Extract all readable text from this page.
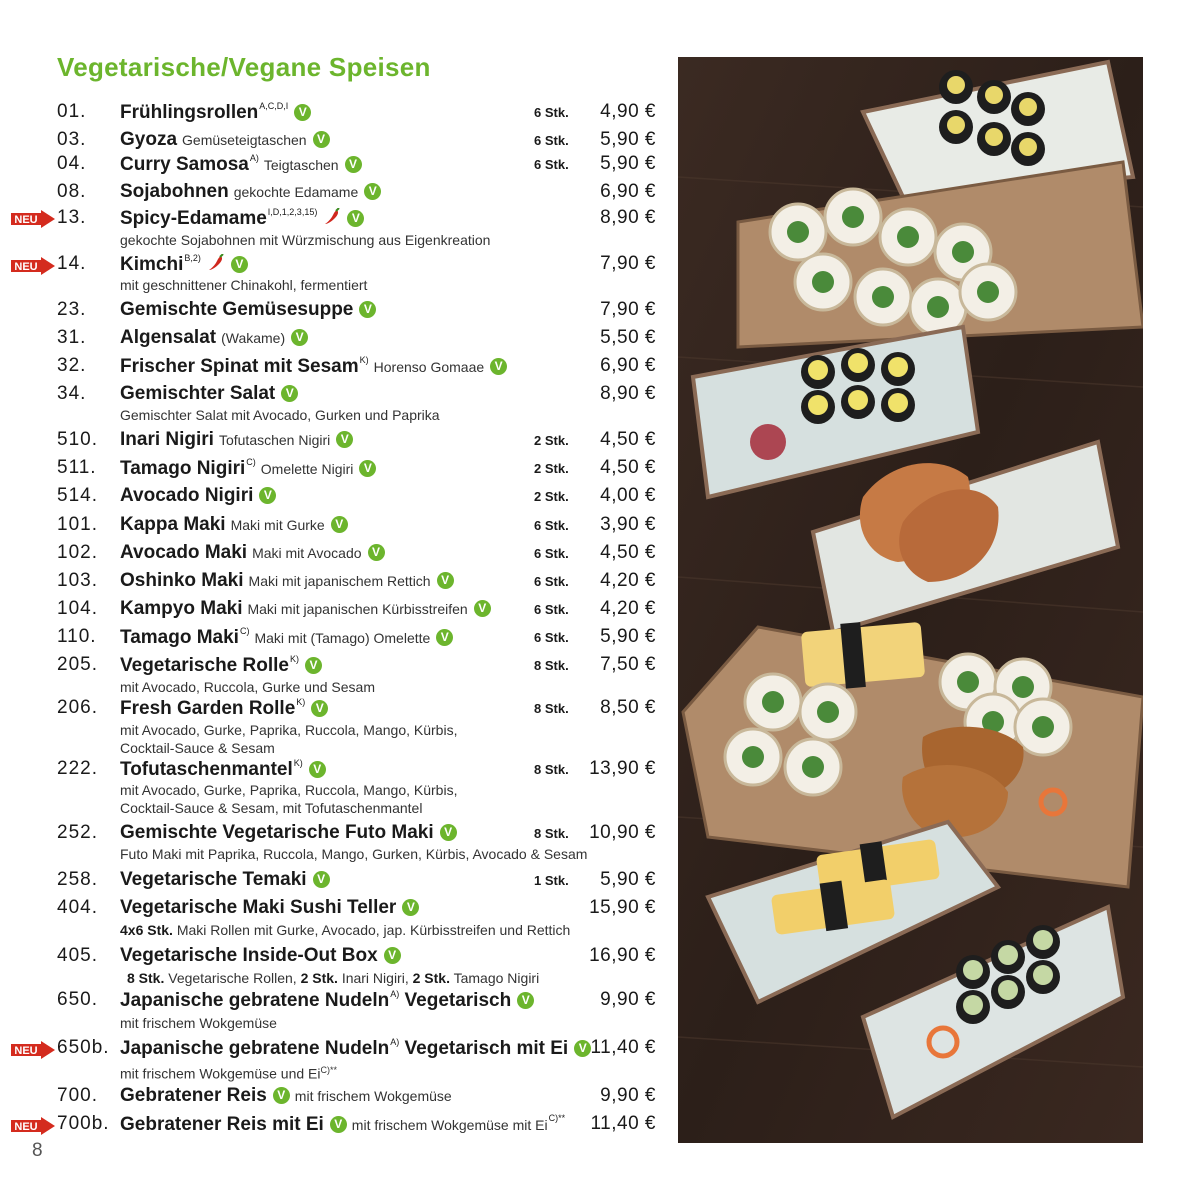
Vegetarische/Vegane Speisen
01. Frühlingsrollen$^{A,C,D,I}$ V	6 Stk. 4,90 €
03. Gyoza Gemüseteigtaschen V	6 Stk. 5,90 €
04. Curry Samosa$^{A)}$ Teigtaschen V	6 Stk. 5,90 €
08. Sojabohnen gekochte Edamame V	6,90 €
NEU 13. Spicy-Edamame$^{I,D,1,2,3,15)}$	V	8,90 €
gekochte Sojabohnen mit Würzmischung aus Eigenkreation
NEU 14. Kimchi$^{B,2)}$	V	7,90 €
mit geschnittener Chinakohl, fermentiert
23. Gemischte Gemüsesuppe V	7,90 €
31. Algensalat (Wakame) V	5,50 €
32. Frischer Spinat mit Sesam$^{K)}$ Horenso Gomaae V	6,90 €
34. Gemischter Salat V	8,90 €
Gemischter Salat mit Avocado, Gurken und Paprika
510. Inari Nigiri Tofutaschen Nigiri V	2 Stk. 4,50 €
511. Tamago Nigiri$^{C)}$ Omelette Nigiri V	2 Stk. 4,50 €
514. Avocado Nigiri V	2 Stk. 4,00 €
101. Kappa Maki Maki mit Gurke V	6 Stk. 3,90 €
102. Avocado Maki Maki mit Avocado V	6 Stk. 4,50 €
103. Oshinko Maki Maki mit japanischem Rettich V	6 Stk. 4,20 €
104. Kampyo Maki Maki mit japanischen Kürbisstreifen V	6 Stk. 4,20 €
110. Tamago Maki$^{C)}$ Maki mit (Tamago) Omelette V	6 Stk. 5,90 €
205. Vegetarische Rolle$^{K)}$ V	8 Stk. 7,50 €
mit Avocado, Ruccola, Gurke und Sesam
206. Fresh Garden Rolle$^{K)}$ V	8 Stk. 8,50 €
mit Avocado, Gurke, Paprika, Ruccola, Mango, Kürbis,
Cocktail-Sauce & Sesam
222. Tofutaschenmantel$^{K)}$ V	8 Stk. 13,90 €
mit Avocado, Gurke, Paprika, Ruccola, Mango, Kürbis,
Cocktail-Sauce & Sesam, mit Tofutaschenmantel
252. Gemischte Vegetarische Futo Maki V	8 Stk. 10,90 €
Futo Maki mit Paprika, Ruccola, Mango, Gurken, Kürbis, Avocado & Sesam
258. Vegetarische Temaki V	1 Stk. 5,90 €
404. Vegetarische Maki Sushi Teller V	15,90 €
4x6 Stk. Maki Rollen mit Gurke, Avocado, jap. Kürbisstreifen und Rettich
405. Vegetarische Inside-Out Box V	16,90 €
8 Stk. Vegetarische Rollen, 2 Stk. Inari Nigiri, 2 Stk. Tamago Nigiri
650. Japanische gebratene Nudeln$^{A)}$ Vegetarisch V	9,90 €
mit frischem Wokgemüse
NEU 650b. Japanische gebratene Nudeln$^{A)}$ Vegetarisch mit Ei V 11,40 €
mit frischem Wokgemüse und $Ei^{C)**}$
700. Gebratener Reis V mit frischem Wokgemüse	9,90 €
NEU 700b. Gebratener Reis mit Ei V mit frischem Wokgemüse mit $Ei^{C)**}$ 11,40 €
8
